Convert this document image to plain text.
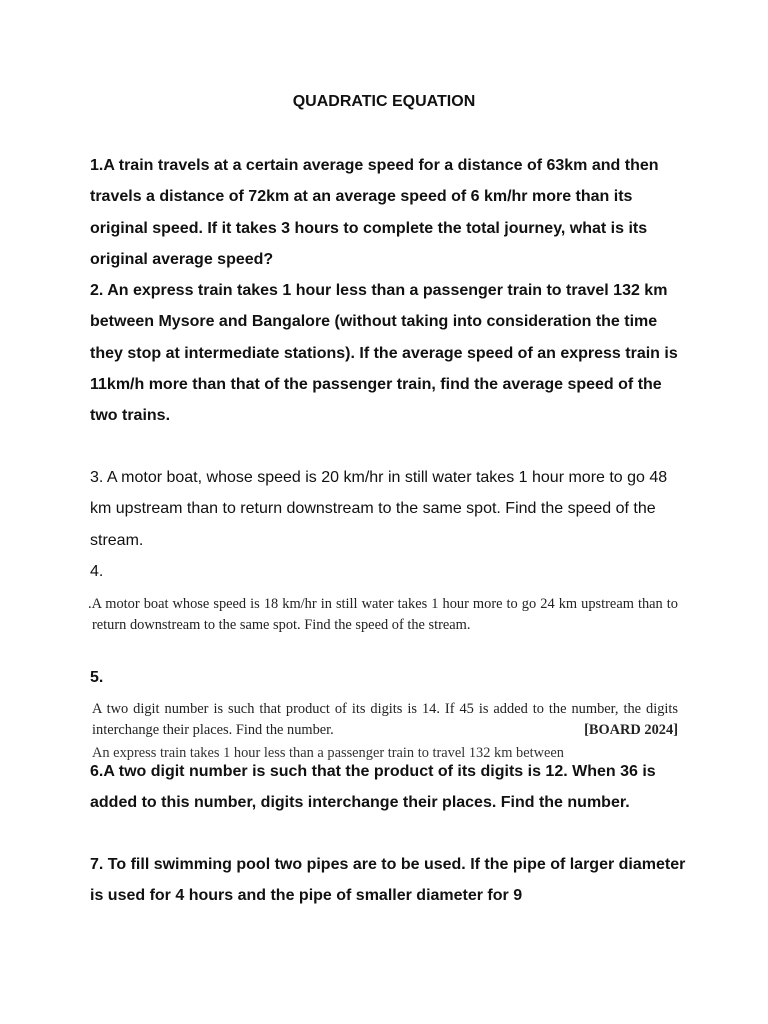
QUADRATIC EQUATION

1.A train travels at a certain average speed for a distance of 63km and then travels a distance of 72km at an average speed of 6 km/hr more than its original speed. If it takes 3 hours to complete the total journey, what is its original average speed?

2. An express train takes 1 hour less than a passenger train to travel 132 km between Mysore and Bangalore (without taking into consideration the time they stop at intermediate stations). If the average speed of an express train is 11km/h more than that of the passenger train, find the average speed of the two trains.

3. A motor boat, whose speed is 20 km/hr in still water takes 1 hour more to go 48 km upstream than to return downstream to the same spot. Find the speed of the stream.

4.

.A motor boat whose speed is 18 km/hr in still water takes 1 hour more to go 24 km upstream than to return downstream to the same spot. Find the speed of the stream.

5.

A two digit number is such that product of its digits is 14. If 45 is added to the number, the digits interchange their places. Find the number.	[BOARD 2024]

An express train takes 1 hour less than a passenger train to travel 132 km between

6.A two digit number is such that the product of its digits is 12. When 36 is added to this number, digits interchange their places. Find the number.

7. To fill swimming pool two pipes are to be used. If the pipe of larger diameter is used for 4 hours and the pipe of smaller diameter for 9
